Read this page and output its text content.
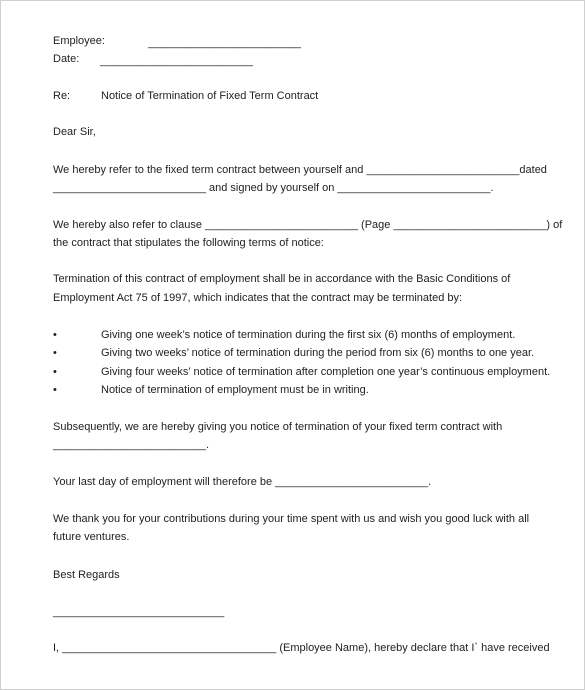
Employee:	_________________________
Date: _________________________
Re:	Notice of Termination of Fixed Term Contract
Dear Sir,
We hereby refer to the fixed term contract between yourself and _________________________dated
_________________________ and signed by yourself on _________________________.
We hereby also refer to clause _________________________ (Page _________________________) of
the contract that stipulates the following terms of notice:
Termination of this contract of employment shall be in accordance with the Basic Conditions of
Employment Act 75 of 1997, which indicates that the contract may be terminated by:
•	Giving one week’s notice of termination during the first six (6) months of employment.
•	Giving two weeks’ notice of termination during the period from six (6) months to one year.
•	Giving four weeks’ notice of termination after completion one year’s continuous employment.
•	Notice of termination of employment must be in writing.
Subsequently, we are hereby giving you notice of termination of your fixed term contract with
_________________________.
Your last day of employment will therefore be _________________________.
We thank you for your contributions during your time spent with us and wish you good luck with all
future ventures.
Best Regards
____________________________
I, ___________________________________ (Employee Name), hereby declare that I` have received
